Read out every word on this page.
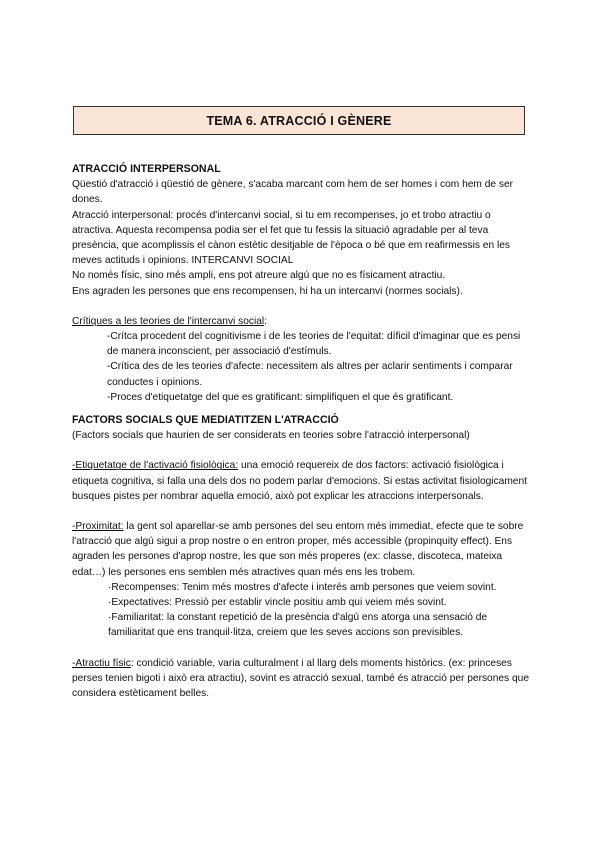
TEMA 6. ATRACCIÓ I GÈNERE

ATRACCIÓ INTERPERSONAL

Qüestió d'atracció i qüestió de gènere, s'acaba marcant com hem de ser homes i com hem de ser dones.

Atracció interpersonal: procés d'intercanvi social, si tu em recompenses, jo et trobo atractiu o atractiva. Aquesta recompensa podia ser el fet que tu fessis la situació agradable per al teva presència, que acomplissis el cànon estètic desitjable de l'època o bé que em reafirmessis en les meves actituds i opinions. INTERCANVI SOCIAL

No només físic, sino més ampli, ens pot atreure algú que no es físicament atractiu.

Ens agraden les persones que ens recompensen, hi ha un intercanvi (normes socials).

Crítiques a les teories de l'intercanvi social:

-Crítca procedent del cognitivisme i de les teories de l'equitat: díficil d'imaginar que es pensi de manera inconscient, per associació d'estímuls.

-Crítica des de les teories d'afecte: necessitem als altres per aclarir sentiments i comparar conductes i opinions.

-Proces d'etiquetatge del que es gratificant: simplifiquen el que és gratificant.

FACTORS SOCIALS QUE MEDIATITZEN L'ATRACCIÓ

(Factors socials que haurien de ser considerats en teories sobre l'atracció interpersonal)

-Etiquetatge de l'activació fisiològica: una emoció requereix de dos factors: activació fisiològica i etiqueta cognitiva, si falla una dels dos no podem parlar d'emocions. Si estas activitat fisiologicament busques pistes per nombrar aquella emoció, això pot explicar les atraccions interpersonals.

-Proximitat: la gent sol aparellar-se amb persones del seu entorn més immediat, efecte que te sobre l'atracció que algú sigui a prop nostre o en entron proper, més accessible (propinquity effect). Ens agraden les persones d'aprop nostre, les que son més properes (ex: classe, discoteca, mateixa edat…) les persones ens semblen més atractives quan més ens les trobem.

·Recompenses: Tenim més mostres d'afecte i interés amb persones que veiem sovint.

·Expectatives: Pressió per establir vincle positiu amb qui veiem més sovint.

·Familiaritat: la constant repetició de la presència d'algú ens atorga una sensació de familiaritat que ens tranquil·litza, creiem que les seves accions son previsibles.

-Atractiu físic: condició variable, varia culturalment i al llarg dels moments històrics. (ex: princeses perses tenien bigoti i això era atractiu), sovint es atracció sexual, també és atracció per persones que considera estèticament belles.
